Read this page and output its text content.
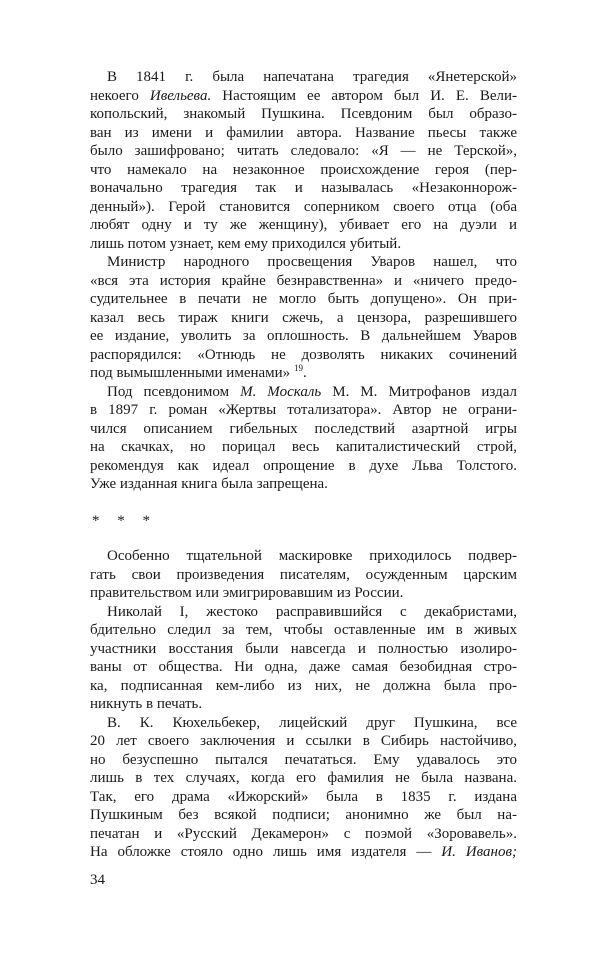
В 1841 г. была напечатана трагедия «Янетерской»
некоего Ивельева. Настоящим ее автором был И. Е. Вели-
копольский, знакомый Пушкина. Псевдоним был образо-
ван из имени и фамилии автора. Название пьесы также
было зашифровано; читать следовало: «Я — не Терской»,
что намекало на незаконное происхождение героя (пер-
воначально трагедия так и называлась «Незаконнорож-
денный»). Герой становится соперником своего отца (оба
любят одну и ту же женщину), убивает его на дуэли и
лишь потом узнает, кем ему приходился убитый.
Министр народного просвещения Уваров нашел, что
«вся эта история крайне безнравственна» и «ничего предо-
судительнее в печати не могло быть допущено». Он при-
казал весь тираж книги сжечь, а цензора, разрешившего
ее издание, уволить за оплошность. В дальнейшем Уваров
распорядился: «Отнюдь не дозволять никаких сочинений
под вымышленными именами» $^{19}$.
Под псевдонимом М. Москаль М. М. Митрофанов издал
в 1897 г. роман «Жертвы тотализатора». Автор не ограни-
чился описанием гибельных последствий азартной игры
на скачках, но порицал весь капиталистический строй,
рекомендуя как идеал опрощение в духе Льва Толстого.
Уже изданная книга была запрещена.
* * *
Особенно тщательной маскировке приходилось подвер-
гать свои произведения писателям, осужденным царским
правительством или эмигрировавшим из России.
Николай I, жестоко расправившийся с декабристами,
бдительно следил за тем, чтобы оставленные им в живых
участники восстания были навсегда и полностью изолиро-
ваны от общества. Ни одна, даже самая безобидная стро-
ка, подписанная кем-либо из них, не должна была про-
никнуть в печать.
В. К. Кюхельбекер, лицейский друг Пушкина, все
20 лет своего заключения и ссылки в Сибирь настойчиво,
но безуспешно пытался печататься. Ему удавалось это
лишь в тех случаях, когда его фамилия не была названа.
Так, его драма «Ижорский» была в 1835 г. издана
Пушкиным без всякой подписи; анонимно же был на-
печатан и «Русский Декамерон» с поэмой «Зоровавель».
На обложке стояло одно лишь имя издателя — И. Иванов;
34
